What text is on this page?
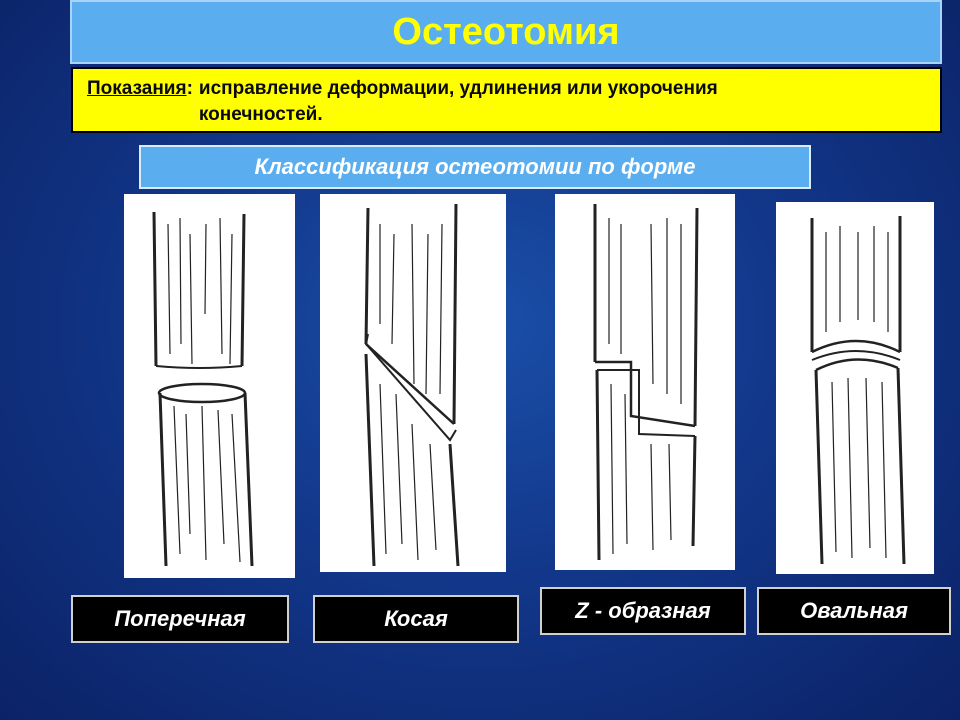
Остеотомия
Показания: исправление деформации, удлинения или укорочения
конечностей.
Классификация остеотомии по форме
Поперечная	Косая	Z - образная	Овальная
